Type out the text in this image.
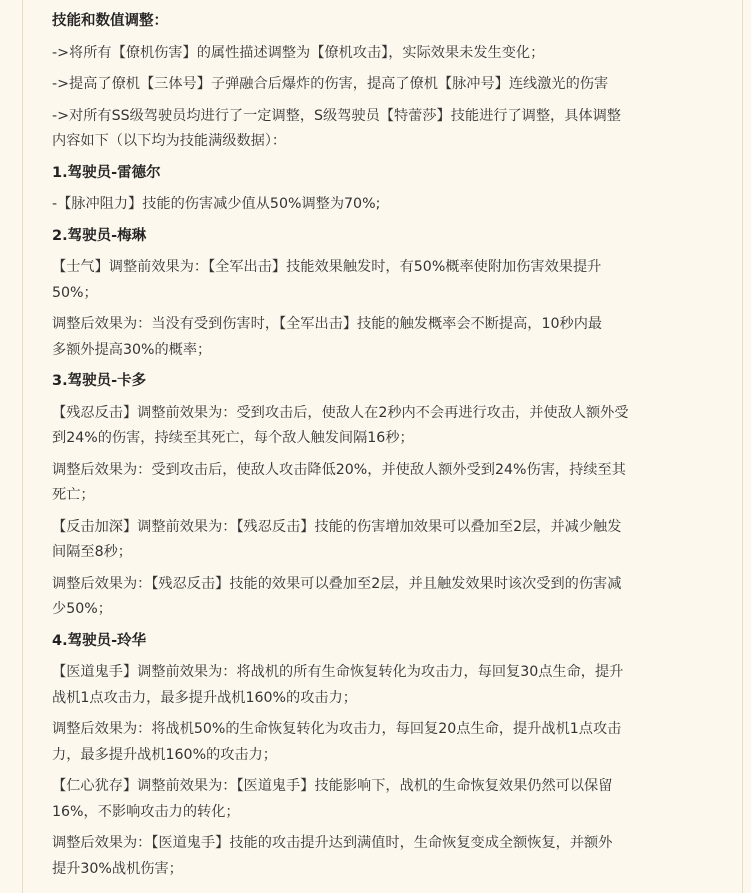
技能和数值调整：
->将所有【僚机伤害】的属性描述调整为【僚机攻击】，实际效果未发生变化；
->提高了僚机【三体号】子弹融合后爆炸的伤害，提高了僚机【脉冲号】连线激光的伤害
->对所有SS级驾驶员均进行了一定调整，S级驾驶员【特蕾莎】技能进行了调整，具体调整
内容如下（以下均为技能满级数据）：
1.驾驶员-雷德尔
-【脉冲阻力】技能的伤害减少值从50%调整为70%;
2.驾驶员-梅琳
【士气】调整前效果为：【全军出击】技能效果触发时，有50%概率使附加伤害效果提升
50%；
调整后效果为：当没有受到伤害时，【全军出击】技能的触发概率会不断提高，10秒内最
多额外提高30%的概率；
3.驾驶员-卡多
【残忍反击】调整前效果为：受到攻击后，使敌人在2秒内不会再进行攻击，并使敌人额外受
到24%的伤害，持续至其死亡，每个敌人触发间隔16秒；
调整后效果为：受到攻击后，使敌人攻击降低20%，并使敌人额外受到24%伤害，持续至其
死亡；
【反击加深】调整前效果为：【残忍反击】技能的伤害增加效果可以叠加至2层，并减少触发
间隔至8秒；
调整后效果为：【残忍反击】技能的效果可以叠加至2层，并且触发效果时该次受到的伤害减
少50%；
4.驾驶员-玲华
【医道鬼手】调整前效果为：将战机的所有生命恢复转化为攻击力，每回复30点生命，提升
战机1点攻击力，最多提升战机160%的攻击力；
调整后效果为：将战机50%的生命恢复转化为攻击力，每回复20点生命，提升战机1点攻击
力，最多提升战机160%的攻击力；
【仁心犹存】调整前效果为：【医道鬼手】技能影响下，战机的生命恢复效果仍然可以保留
16%，不影响攻击力的转化；
调整后效果为：【医道鬼手】技能的攻击提升达到满值时，生命恢复变成全额恢复，并额外
提升30%战机伤害；
